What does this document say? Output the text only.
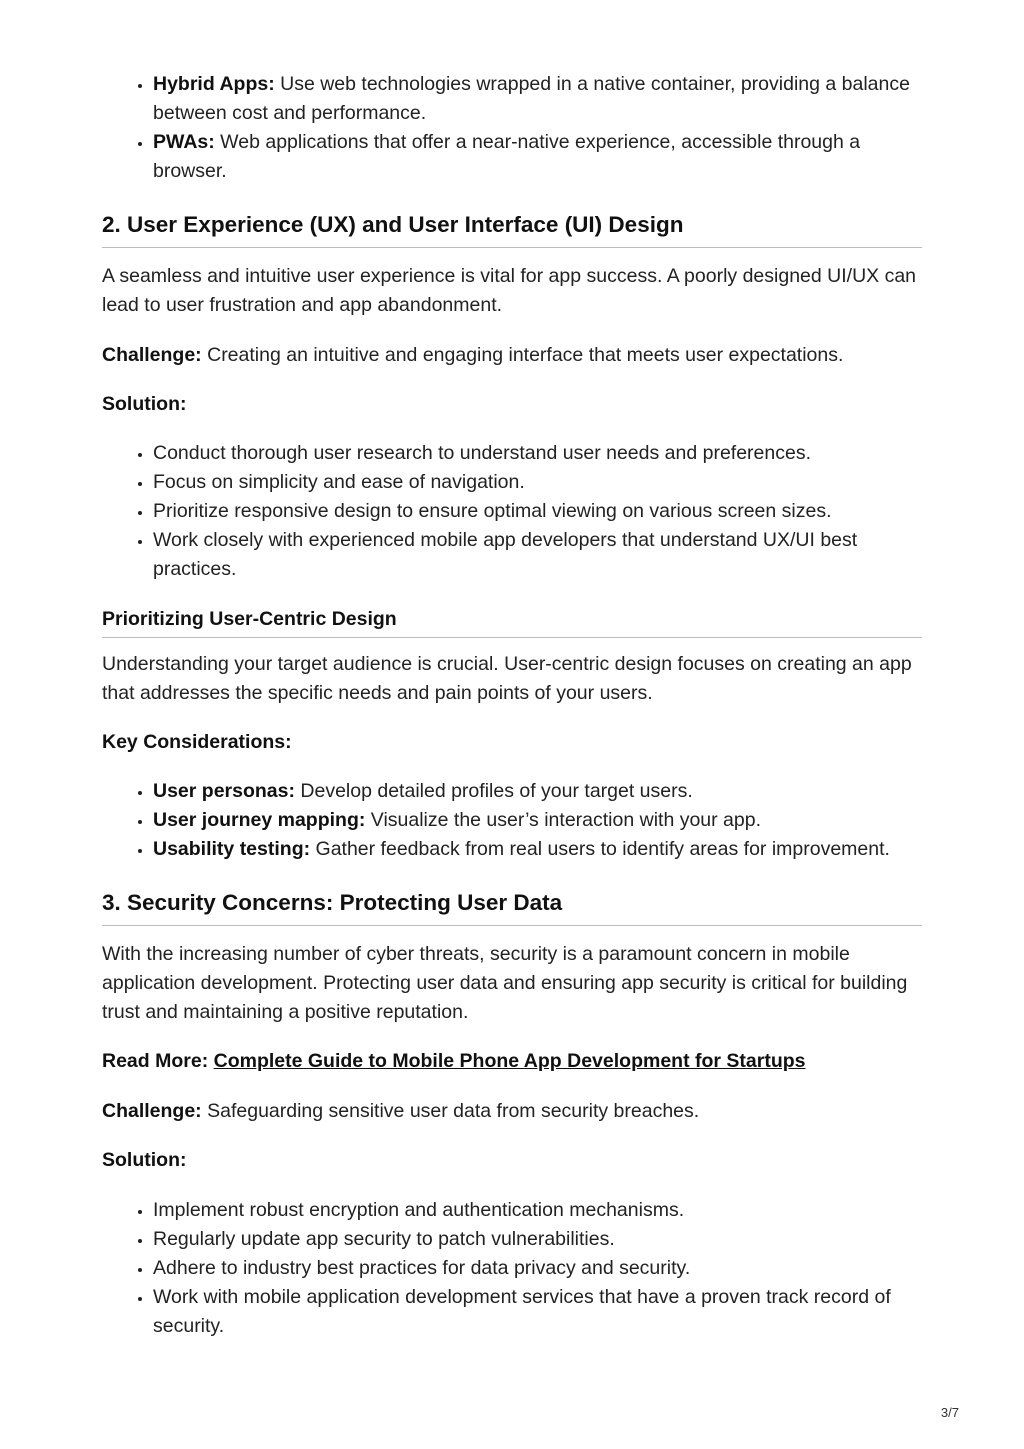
• Hybrid Apps: Use web technologies wrapped in a native container, providing a balance between cost and performance.
• PWAs: Web applications that offer a near-native experience, accessible through a browser.
2. User Experience (UX) and User Interface (UI) Design

A seamless and intuitive user experience is vital for app success. A poorly designed UI/UX can lead to user frustration and app abandonment.

Challenge: Creating an intuitive and engaging interface that meets user expectations.

Solution:

• Conduct thorough user research to understand user needs and preferences.
• Focus on simplicity and ease of navigation.
• Prioritize responsive design to ensure optimal viewing on various screen sizes.
• Work closely with experienced mobile app developers that understand UX/UI best practices.
Prioritizing User-Centric Design

Understanding your target audience is crucial. User-centric design focuses on creating an app that addresses the specific needs and pain points of your users.

Key Considerations:

• User personas: Develop detailed profiles of your target users.
• User journey mapping: Visualize the user’s interaction with your app.
• Usability testing: Gather feedback from real users to identify areas for improvement.
3. Security Concerns: Protecting User Data

With the increasing number of cyber threats, security is a paramount concern in mobile application development. Protecting user data and ensuring app security is critical for building trust and maintaining a positive reputation.

Read More: Complete Guide to Mobile Phone App Development for Startups

Challenge: Safeguarding sensitive user data from security breaches.

Solution:

• Implement robust encryption and authentication mechanisms.
• Regularly update app security to patch vulnerabilities.
• Adhere to industry best practices for data privacy and security.
• Work with mobile application development services that have a proven track record of security.
3/7
